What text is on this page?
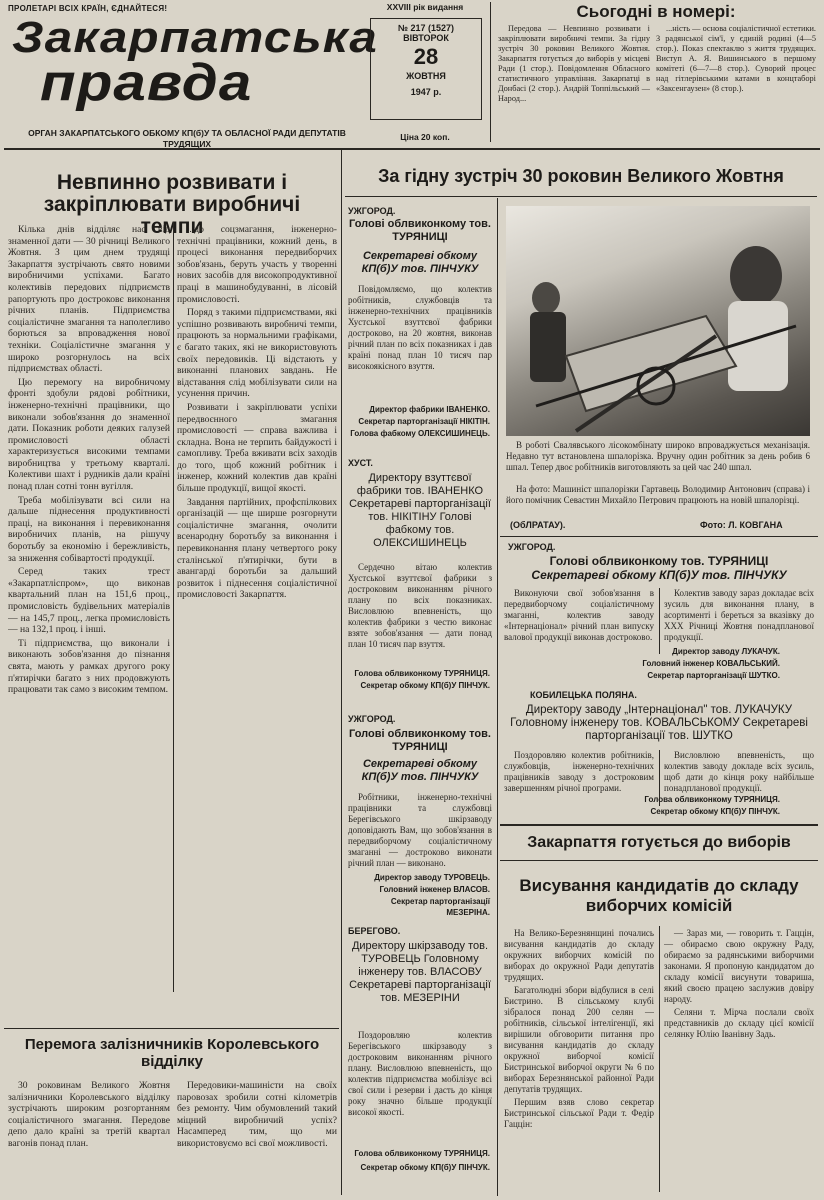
ПРОЛЕТАРІ ВСІХ КРАЇН, ЄДНАЙТЕСЯ!
Закарпатська
правда
ОРГАН ЗАКАРПАТСЬКОГО ОБКОМУ КП(б)У ТА ОБЛАСНОЇ РАДИ ДЕПУТАТІВ ТРУДЯЩИХ
XXVIII рік видання
№ 217 (1527)
ВІВТОРОК
28
ЖОВТНЯ
1947 р.
Ціна 20 коп.
Сьогодні в номері:

Передова — Невпинно розвивати і закріплювати виробничі темпи. За гідну зустріч 30 роковин Великого Жовтня. Закарпаття готується до виборів у місцеві Ради (1 стор.). Повідомлення Обласного статистичного управління. Закарпатці в Донбасі (2 стор.). Андрій Топпільський — Народ...

...ність — основа соціалістичної естетики. З радянської сім'ї, у єдиній родині (4—5 стор.). Показ спектаклю з життя трудящих. Виступ А. Я. Вишинського в першому комітеті (6—7—8 стор.). Суворий процес над гітлерівськими катами в концтаборі «Заксенгаузен» (8 стор.).

Невпинно розвивати і закріплювати виробничі темпи

Кілька днів відділяє нас від знаменної дати — 30 річниці Великого Жовтня. З цим днем трудящі Закарпаття зустрічають свято новими виробничими успіхами. Багато колективів передових підприємств рапортують про достроковє виконання річних планів. Підприємства соціалістичне змагання та наполегливо борються за впровадження нової техніки. Соціалістичне змагання у широко розгорнулось на всіх підприємствах області.

Цю перемогу на виробничому фронті здобули рядові робітники, інженерно-технічні працівники, що виконали зобов'язання до знаменної дати. Показник роботи деяких галузей промисловості області характеризується високими темпами виробництва у третьому кварталі. Колективи шахт і рудників дали країні понад план сотні тонн вугілля.

Треба мобілізувати всі сили на дальше піднесення продуктивності праці, на виконання і перевиконання виробничих планів, на рішучу боротьбу за економію і бережливість, за зниження собівартості продукції.

Серед таких трест «Закарпатліспром», що виконав квартальний план на 151,6 проц., промисловість будівельних матеріалів — на 145,7 проц., легка промисловість — на 132,1 проц. і інші.

Ті підприємства, що виконали і виконають зобов'язання до пізнання свята, мають у рамках другого року п'ятирічки багато з них продовжують працювати так само з високим темпом.

...до соцзмагання, інженерно-технічні працівники, кожний день, в процесі виконання передвиборчих зобов'язань, беруть участь у творенні нових засобів для високопродуктивної праці в машинобудуванні, в лісовій промисловості.

Поряд з такими підприємствами, які успішно розвивають виробничі темпи, працюють за нормальними графіками, є багато таких, які не використовують своїх передовиків. Ці відстають у виконанні планових завдань. Не відставання слід мобілізувати сили на усунення причин.

Розвивати і закріплювати успіхи передвоєнного змагання промисловості — справа важлива і складна. Вона не терпить байдужості і самопливу. Треба вживати всіх заходів до того, щоб кожний робітник і інженер, кожний колектив дав країні більше продукції, вищої якості.

Завдання партійних, профспілкових організацій — ще ширше розгорнути соціалістичне змагання, очолити всенародну боротьбу за виконання і перевиконання плану четвертого року сталінської п'ятирічки, бути в авангарді боротьби за дальший розвиток і піднесення соціалістичної промисловості Закарпаття.

Перемога залізничників Королевського відділку

30 роковинам Великого Жовтня залізничники Королевського відділку зустрічають широким розгортанням соціалістичного змагання. Передове депо дало країні за третій квартал вагонів понад план.

Передовики-машиністи на своїх паровозах зробили сотні кілометрів без ремонту. Чим обумовлений такий міцний виробничий успіх? Насамперед тим, що ми використовуємо всі свої можливості.

За гідну зустріч 30 роковин Великого Жовтня
УЖГОРОД.
Голові облвиконкому тов. ТУРЯНИЦІ
Секретареві обкому КП(б)У тов. ПІНЧУКУ

Повідомляємо, що колектив робітників, службовців та інженерно-технічних працівників Хустської взуттєвої фабрики достроково, на 20 жовтня, виконав річний план по всіх показниках і дав країні понад план 10 тисяч пар високоякісного взуття.

Директор фабрики ІВАНЕНКО.
Секретар парторганізації НІКІТІН.
Голова фабкому ОЛЕКСИШИНЕЦЬ.
ХУСТ.
Директору взуттєвої фабрики тов. ІВАНЕНКО Секретареві парторганізації тов. НІКІТІНУ Голові фабкому тов. ОЛЕКСИШИНЕЦЬ

Сердечно вітаю колектив Хустської взуттєвої фабрики з достроковим виконанням річного плану по всіх показниках. Висловлюю впевненість, що колектив фабрики з честю виконає взяте зобов'язання — дати понад план 10 тисяч пар взуття.

Голова облвиконкому ТУРЯНИЦЯ.
Секретар обкому КП(б)У ПІНЧУК.
УЖГОРОД.
Голові облвиконкому тов. ТУРЯНИЦІ
Секретареві обкому КП(б)У тов. ПІНЧУКУ

Робітники, інженерно-технічні працівники та службовці Берегівського шкірзаводу доповідають Вам, що зобов'язання в передвиборчому соціалістичному змаганні — достроково виконати річний план — виконано.

Директор заводу ТУРОВЕЦЬ.
Головний інженер ВЛАСОВ.
Секретар парторганізації МЕЗЕРІНА.
БЕРЕГОВО.
Директору шкірзаводу тов. ТУРОВЕЦЬ Головному інженеру тов. ВЛАСОВУ Секретареві парторганізації тов. МЕЗЕРІНИ

Поздоровляю колектив Берегівського шкірзаводу з достроковим виконанням річного плану. Висловлюю впевненість, що колектив підприємства мобілізує всі свої сили і резерви і дасть до кінця року значно більше продукції високої якості.

Голова облвиконкому ТУРЯНИЦЯ.
Секретар обкому КП(б)У ПІНЧУК.

В роботі Свалявського лісокомбінату широко впроваджується механізація. Недавно тут встановлена шпалорізка. Вручну один робітник за день робив 6 шпал. Тепер двоє робітників виготовляють за цей час 240 шпал.

На фото: Машиніст шпалорізки Гартавець Володимир Антонович (справа) і його помічник Севастин Михайло Петрович працюють на новій шпалорізці.

(ОбЛРАТАУ).	Фото: Л. КОВГАНА
УЖГОРОД.
Голові облвиконкому тов. ТУРЯНИЦІ
Секретареві обкому КП(б)У тов. ПІНЧУКУ

Виконуючи свої зобов'язання в передвиборчому соціалістичному змаганні, колектив заводу «Інтернаціонал» річний план випуску валової продукції виконав достроково.

Колектив заводу зараз докладає всіх зусиль для виконання плану, в асортименті і береться за вказівку до XXX Річниці Жовтня понадпланової продукції.

Директор заводу ЛУКАЧУК.
Головний інженер КОВАЛЬСЬКИЙ.
Секретар парторганізації ШУТКО.
КОБИЛЕЦЬКА ПОЛЯНА.
Директору заводу „Інтернаціонал" тов. ЛУКАЧУКУ Головному інженеру тов. КОВАЛЬСЬКОМУ Секретареві парторганізації тов. ШУТКО

Поздоровляю колектив робітників, службовців, інженерно-технічних працівників заводу з достроковим завершенням річної програми.

Висловлюю впевненість, що колектив заводу докладе всіх зусиль, щоб дати до кінця року найбільше понадпланової продукції.

Голова облвиконкому ТУРЯНИЦЯ.
Секретар обкому КП(б)У ПІНЧУК.
Закарпаття готується до виборів
Висування кандидатів до складу виборчих комісій

На Велико-Березнянщині почались висування кандидатів до складу окружних виборчих комісій по виборах до окружної Ради депутатів трудящих.

Багатолюдні збори відбулися в селі Бистрино. В сільському клубі зібралося понад 200 селян — робітників, сільської інтелігенції, які вирішили обговорити питання про висування кандидатів до складу окружної виборчої комісії Бистринської виборчої округи № 6 по виборах Березнянської районної Ради депутатів трудящих.

Першим взяв слово секретар Бистринської сільської Ради т. Федір Гаццін:

— Зараз ми, — говорить т. Гаццін, — обираємо свою окружну Раду, обираємо за радянськими виборчими законами. Я пропоную кандидатом до складу комісії висунути товариша, який своєю працею заслужив довіру народу.

Селяни т. Мірча послали своїх представників до складу цієї комісії селянку Юлію Іванівну Задь.
